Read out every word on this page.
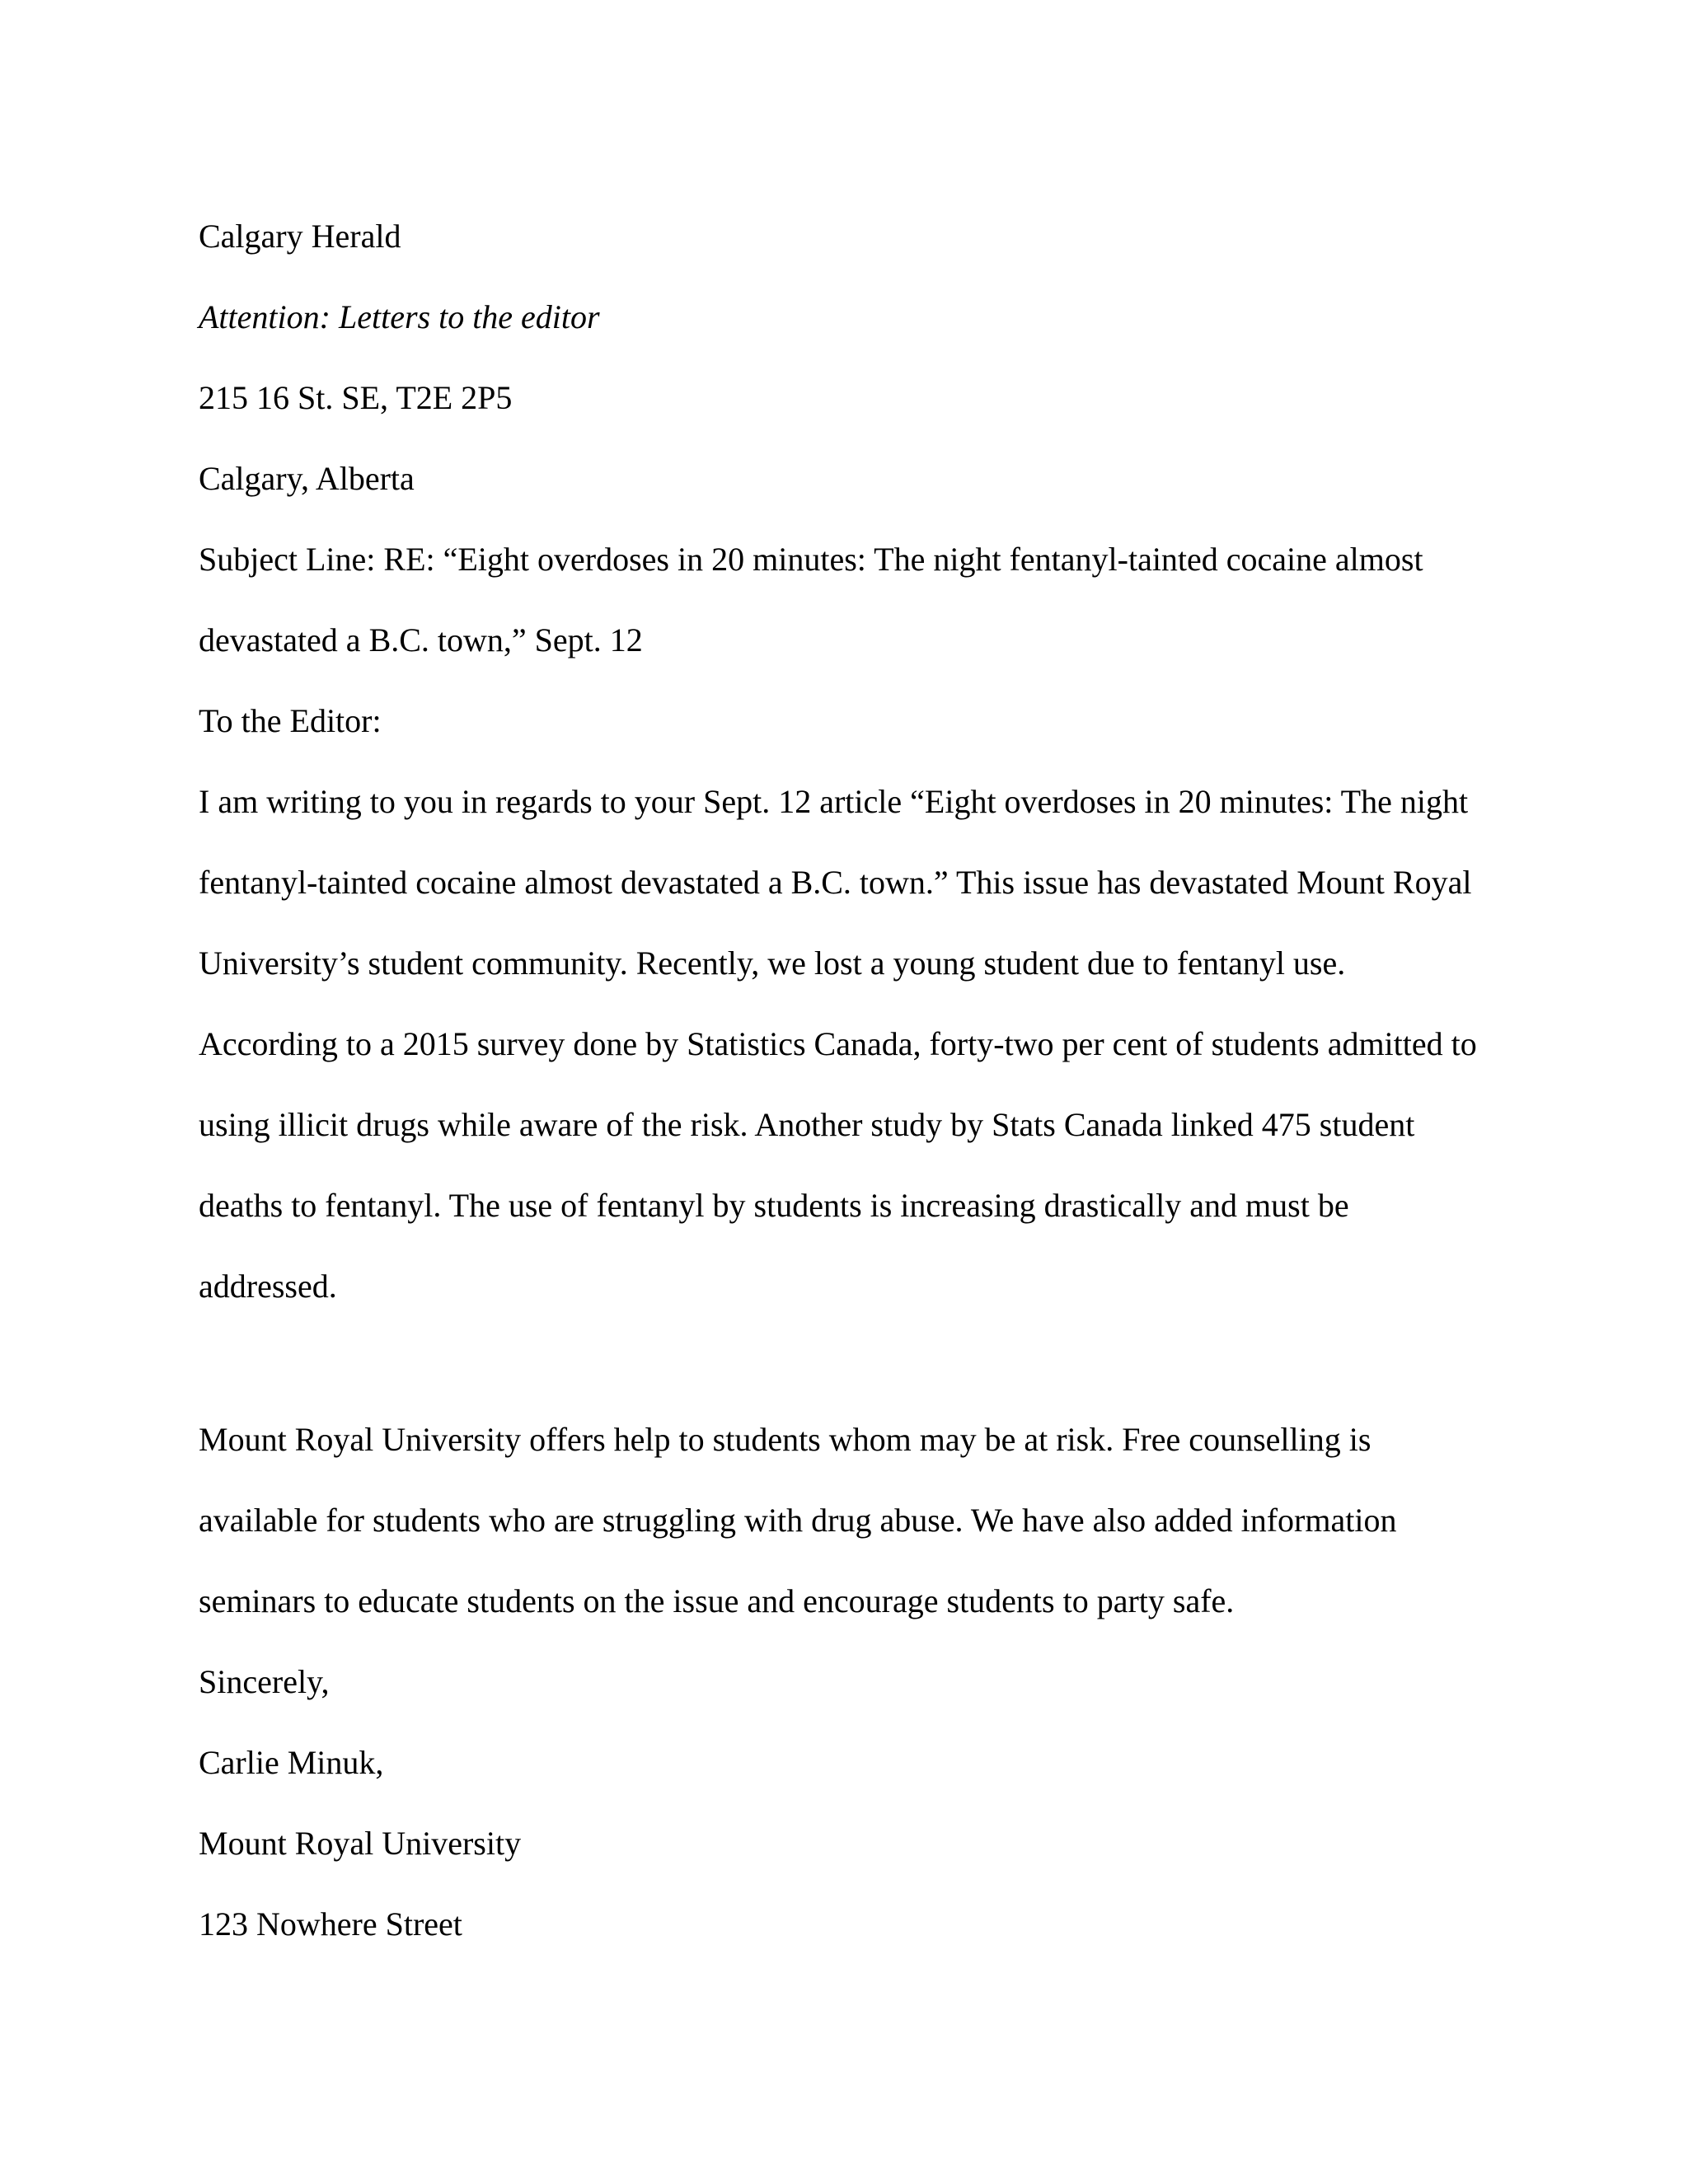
Calgary Herald
Attention: Letters to the editor
215 16 St. SE, T2E 2P5
Calgary, Alberta
Subject Line: RE: “Eight overdoses in 20 minutes: The night fentanyl-tainted cocaine almost
devastated a B.C. town,” Sept. 12
To the Editor:
I am writing to you in regards to your Sept. 12 article “Eight overdoses in 20 minutes: The night
fentanyl-tainted cocaine almost devastated a B.C. town.” This issue has devastated Mount Royal
University’s student community. Recently, we lost a young student due to fentanyl use.
According to a 2015 survey done by Statistics Canada, forty-two per cent of students admitted to
using illicit drugs while aware of the risk. Another study by Stats Canada linked 475 student
deaths to fentanyl. The use of fentanyl by students is increasing drastically and must be
addressed.
Mount Royal University offers help to students whom may be at risk. Free counselling is
available for students who are struggling with drug abuse. We have also added information
seminars to educate students on the issue and encourage students to party safe.
Sincerely,
Carlie Minuk,
Mount Royal University
123 Nowhere Street
